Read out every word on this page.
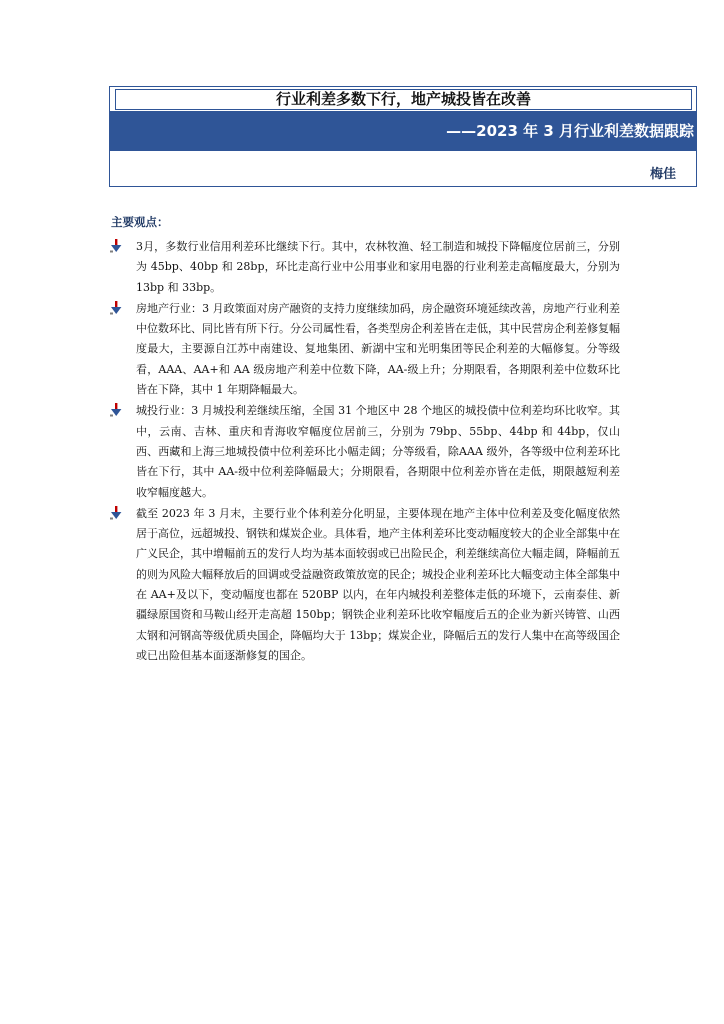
行业利差多数下行，地产城投皆在改善
——2023 年 3 月行业利差数据跟踪
梅佳
主要观点：
3月，多数行业信用利差环比继续下行。其中，农林牧渔、轻工制造和城投下降幅度位居前三，分别为 45bp、40bp 和 28bp，环比走高行业中公用事业和家用电器的行业利差走高幅度最大，分别为 13bp 和 33bp。
房地产行业：3 月政策面对房产融资的支持力度继续加码，房企融资环境延续改善，房地产行业利差中位数环比、同比皆有所下行。分公司属性看，各类型房企利差皆在走低，其中民营房企利差修复幅度最大，主要源自江苏中南建设、复地集团、新湖中宝和光明集团等民企利差的大幅修复。分等级看，AAA、AA+和 AA 级房地产利差中位数下降，AA-级上升；分期限看，各期限利差中位数环比皆在下降，其中 1 年期降幅最大。
城投行业：3 月城投利差继续压缩，全国 31 个地区中 28 个地区的城投债中位利差均环比收窄。其中，云南、吉林、重庆和青海收窄幅度位居前三，分别为 79bp、55bp、44bp 和 44bp，仅山西、西藏和上海三地城投债中位利差环比小幅走阔；分等级看，除AAA 级外，各等级中位利差环比皆在下行，其中 AA-级中位利差降幅最大；分期限看，各期限中位利差亦皆在走低，期限越短利差收窄幅度越大。
截至 2023 年 3 月末，主要行业个体利差分化明显，主要体现在地产主体中位利差及变化幅度依然居于高位，远超城投、钢铁和煤炭企业。具体看，地产主体利差环比变动幅度较大的企业全部集中在广义民企，其中增幅前五的发行人均为基本面较弱或已出险民企，利差继续高位大幅走阔，降幅前五的则为风险大幅释放后的回调或受益融资政策放宽的民企；城投企业利差环比大幅变动主体全部集中在 AA+及以下，变动幅度也都在 520BP 以内，在年内城投利差整体走低的环境下，云南泰佳、新疆绿原国资和马鞍山经开走高超 150bp；钢铁企业利差环比收窄幅度后五的企业为新兴铸管、山西太钢和河钢高等级优质央国企，降幅均大于 13bp；煤炭企业，降幅后五的发行人集中在高等级国企或已出险但基本面逐渐修复的国企。
